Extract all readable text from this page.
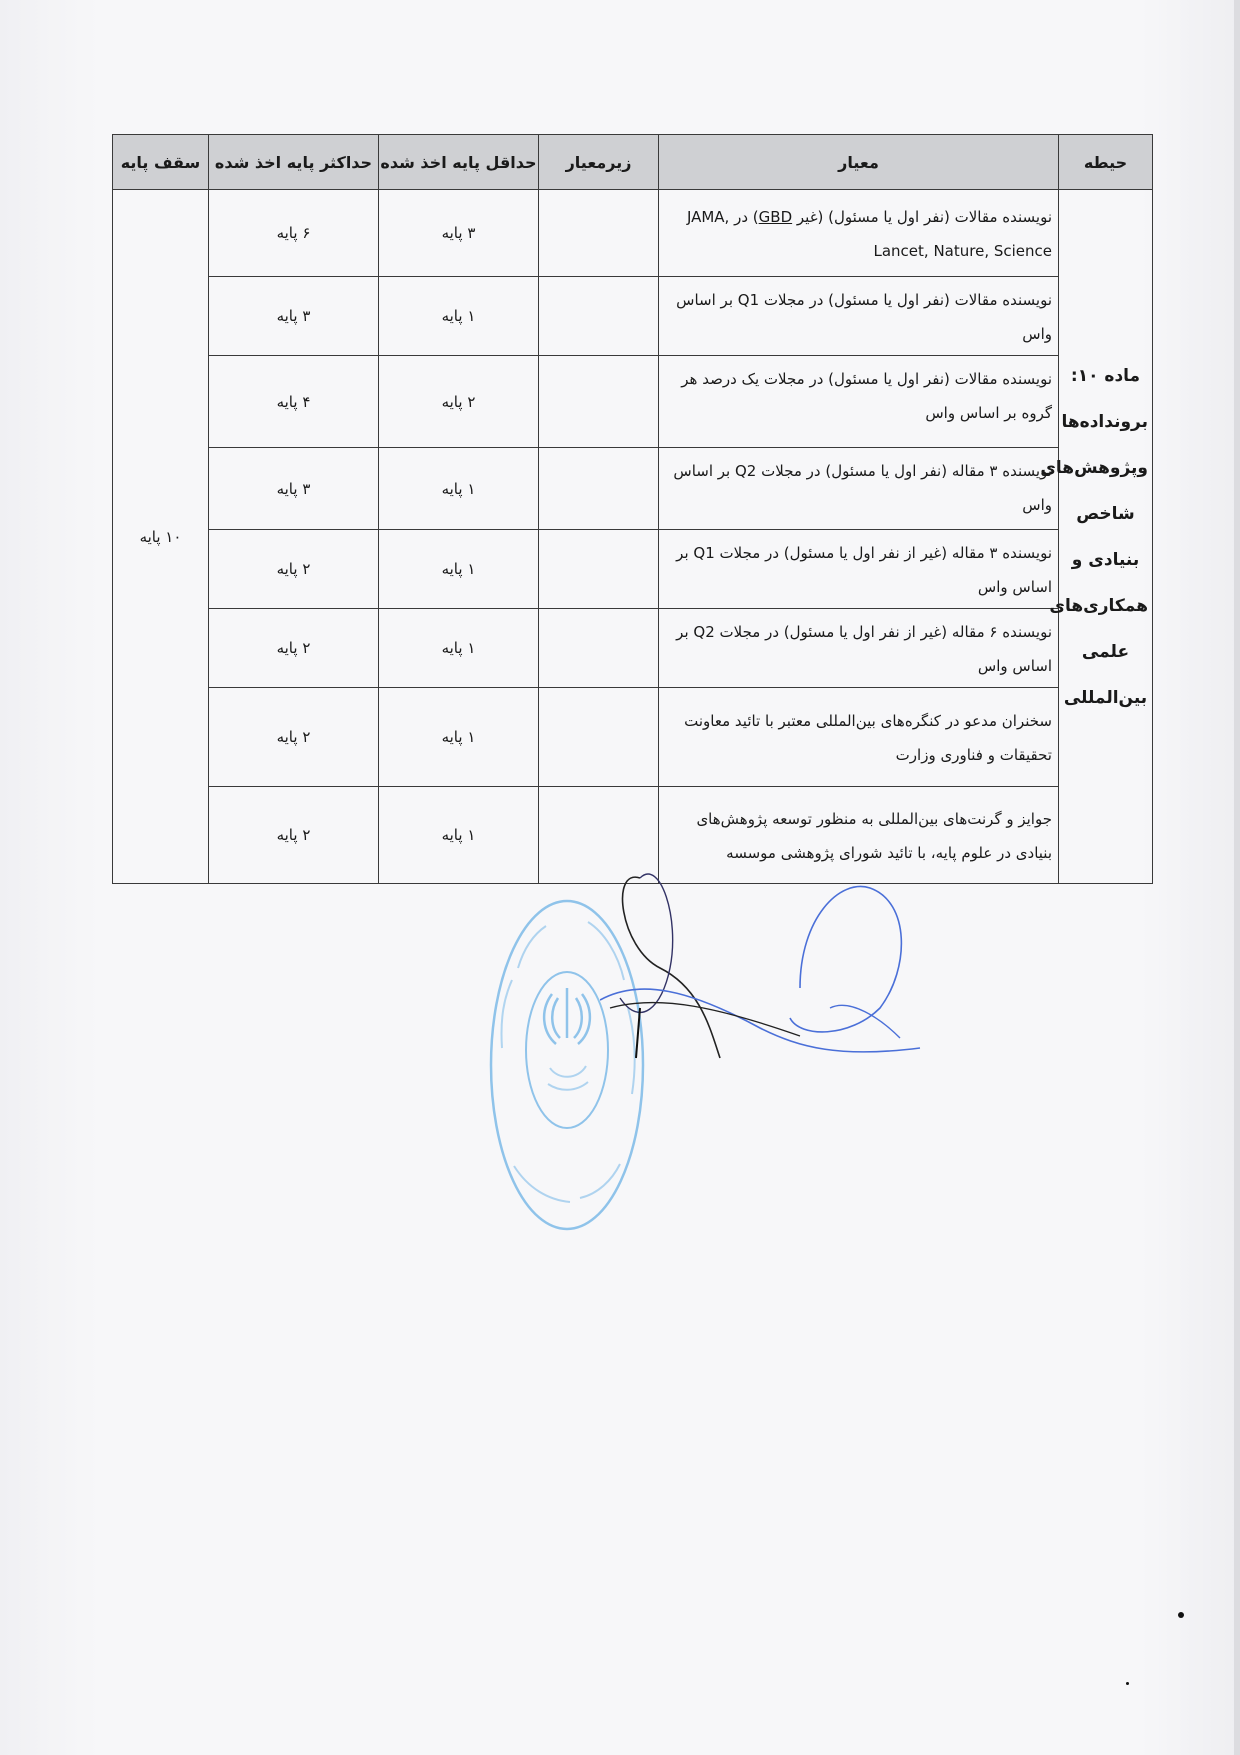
حیطه	معیار	زیرمعیار	حداقل پایه اخذ شده	حداکثر پایه اخذ شده	سقف پایه
ماده ۱۰: برونداده‌ها وپژوهش‌های شاخص بنیادی و همکاری‌های علمی بین‌المللی	نویسنده مقالات (نفر اول یا مسئول) (غیر GBD) در JAMA, Lancet, Nature, Science		۳ پایه	۶ پایه	۱۰ پایه
	نویسنده مقالات (نفر اول یا مسئول) در مجلات Q1 بر اساس واس		۱ پایه	۳ پایه	
	نویسنده مقالات (نفر اول یا مسئول) در مجلات یک درصد هر گروه بر اساس واس		۲ پایه	۴ پایه	
	نویسنده ۳ مقاله (نفر اول یا مسئول) در مجلات Q2 بر اساس واس		۱ پایه	۳ پایه	
	نویسنده ۳ مقاله (غیر از نفر اول یا مسئول) در مجلات Q1 بر اساس واس		۱ پایه	۲ پایه	
	نویسنده ۶ مقاله (غیر از نفر اول یا مسئول) در مجلات Q2 بر اساس واس		۱ پایه	۲ پایه	
	سخنران مدعو در کنگره‌های بین‌المللی معتبر با تائید معاونت تحقیقات و فناوری وزارت		۱ پایه	۲ پایه	
	جوایز و گرنت‌های بین‌المللی به منظور توسعه پژوهش‌های بنیادی در علوم پایه، با تائید شورای پژوهشی موسسه		۱ پایه	۲ پایه	
